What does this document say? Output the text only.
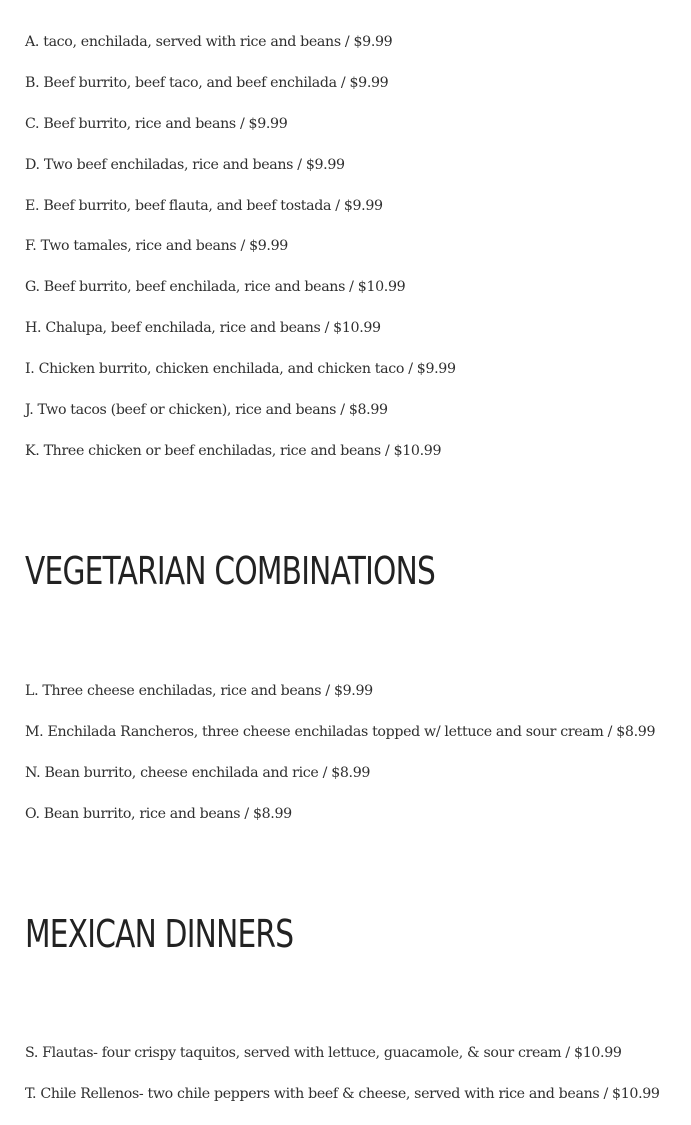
A. taco, enchilada, served with rice and beans / $9.99

B. Beef burrito, beef taco, and beef enchilada / $9.99

C. Beef burrito, rice and beans / $9.99

D. Two beef enchiladas, rice and beans / $9.99

E. Beef burrito, beef flauta, and beef tostada / $9.99

F. Two tamales, rice and beans / $9.99

G. Beef burrito, beef enchilada, rice and beans / $10.99

H. Chalupa, beef enchilada, rice and beans / $10.99

I. Chicken burrito, chicken enchilada, and chicken taco / $9.99

J. Two tacos (beef or chicken), rice and beans / $8.99

K. Three chicken or beef enchiladas, rice and beans / $10.99

VEGETARIAN COMBINATIONS

L. Three cheese enchiladas, rice and beans / $9.99

M. Enchilada Rancheros, three cheese enchiladas topped w/ lettuce and sour cream / $8.99

N. Bean burrito, cheese enchilada and rice / $8.99

O. Bean burrito, rice and beans / $8.99

MEXICAN DINNERS

S. Flautas- four crispy taquitos, served with lettuce, guacamole, & sour cream / $10.99

T. Chile Rellenos- two chile peppers with beef & cheese, served with rice and beans / $10.99
